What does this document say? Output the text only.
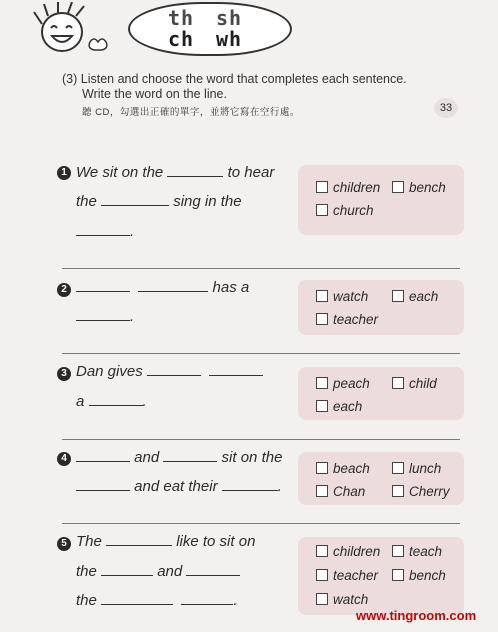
th sh
ch wh
(3) Listen and choose the word that completes each sentence.
Write the word on the line.
聽 CD，勾選出正確的單字，並將它寫在空行處。	33
1 We sit on the	to hear
the	sing in the
.
children	bench
church
2	has a
.
watch	each
teacher
3 Dan gives
a	.
peach	child
each
4	and	sit on the
and eat their	.
beach	lunch
Chan	Cherry
5 The	like to sit on
the	and
the	.
children	teach
teacher	bench
watch
www.tingroom.com
